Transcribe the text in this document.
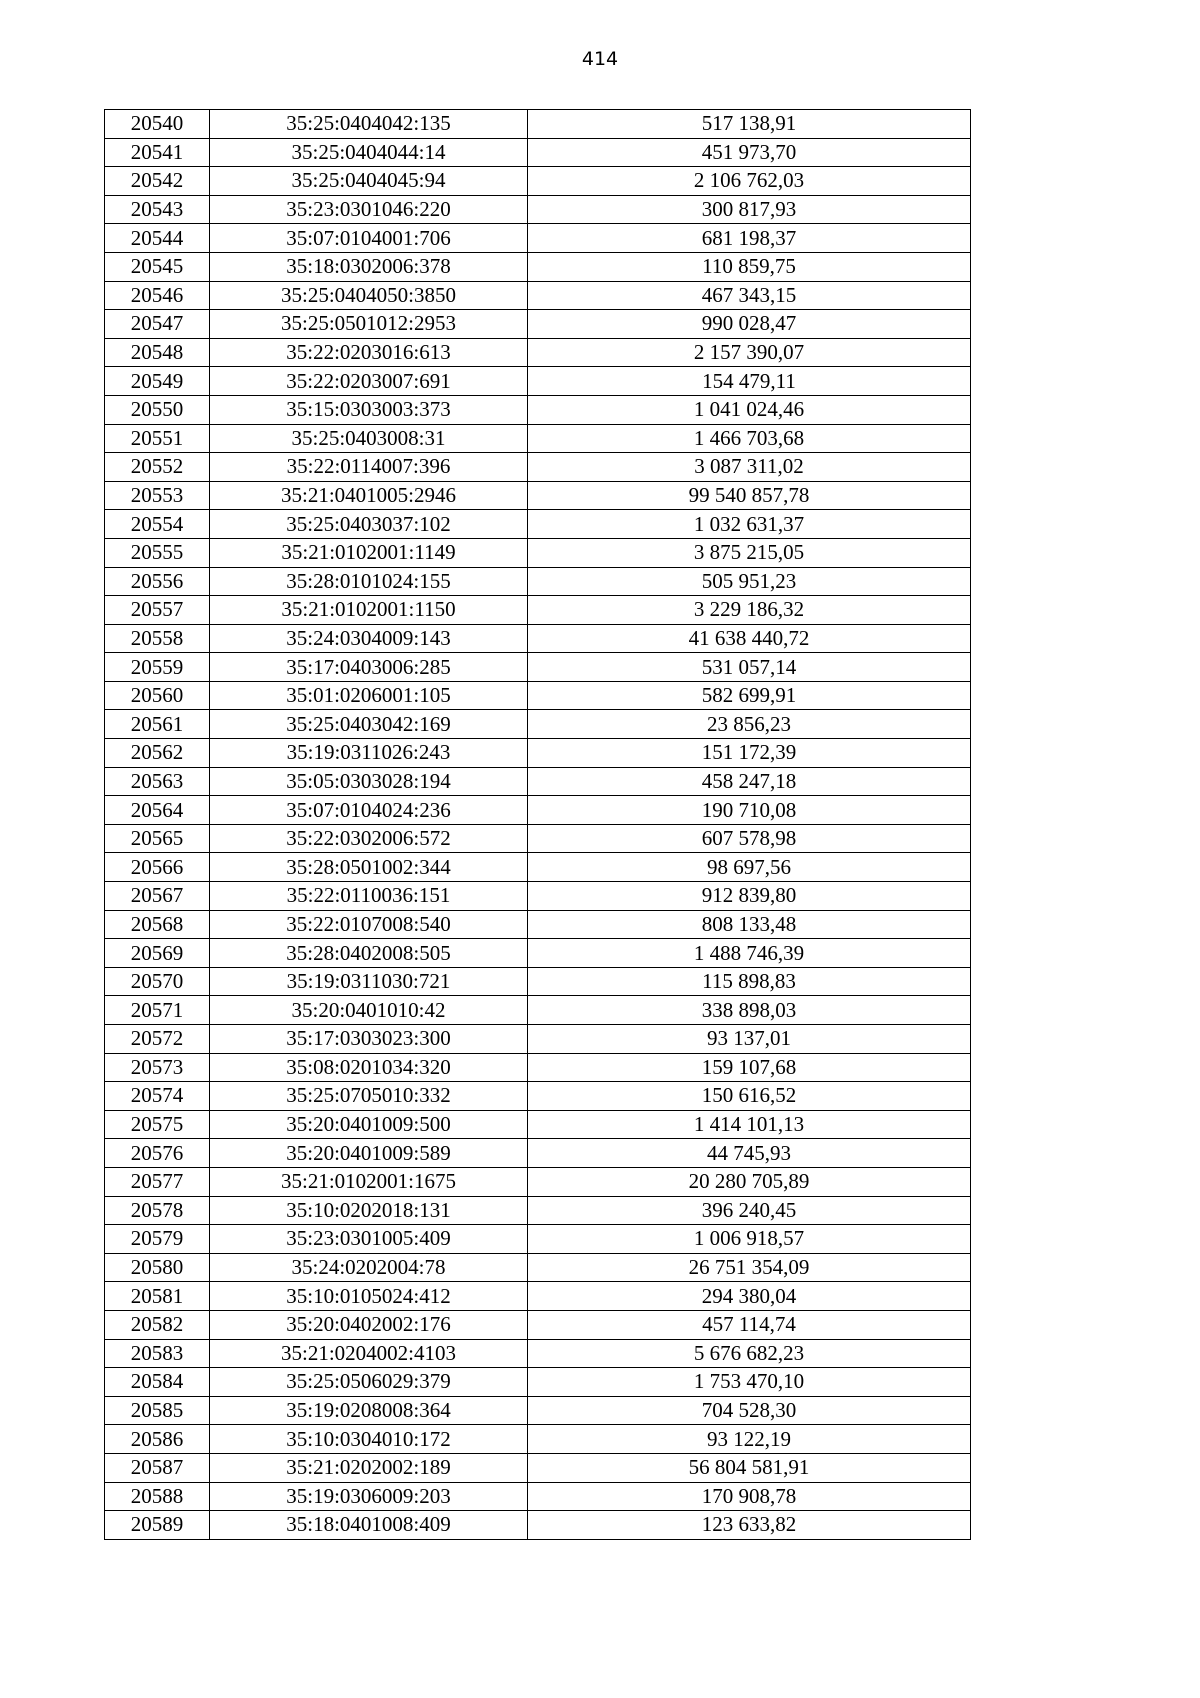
414
20540	35:25:0404042:135	517 138,91
20541	35:25:0404044:14	451 973,70
20542	35:25:0404045:94	2 106 762,03
20543	35:23:0301046:220	300 817,93
20544	35:07:0104001:706	681 198,37
20545	35:18:0302006:378	110 859,75
20546	35:25:0404050:3850	467 343,15
20547	35:25:0501012:2953	990 028,47
20548	35:22:0203016:613	2 157 390,07
20549	35:22:0203007:691	154 479,11
20550	35:15:0303003:373	1 041 024,46
20551	35:25:0403008:31	1 466 703,68
20552	35:22:0114007:396	3 087 311,02
20553	35:21:0401005:2946	99 540 857,78
20554	35:25:0403037:102	1 032 631,37
20555	35:21:0102001:1149	3 875 215,05
20556	35:28:0101024:155	505 951,23
20557	35:21:0102001:1150	3 229 186,32
20558	35:24:0304009:143	41 638 440,72
20559	35:17:0403006:285	531 057,14
20560	35:01:0206001:105	582 699,91
20561	35:25:0403042:169	23 856,23
20562	35:19:0311026:243	151 172,39
20563	35:05:0303028:194	458 247,18
20564	35:07:0104024:236	190 710,08
20565	35:22:0302006:572	607 578,98
20566	35:28:0501002:344	98 697,56
20567	35:22:0110036:151	912 839,80
20568	35:22:0107008:540	808 133,48
20569	35:28:0402008:505	1 488 746,39
20570	35:19:0311030:721	115 898,83
20571	35:20:0401010:42	338 898,03
20572	35:17:0303023:300	93 137,01
20573	35:08:0201034:320	159 107,68
20574	35:25:0705010:332	150 616,52
20575	35:20:0401009:500	1 414 101,13
20576	35:20:0401009:589	44 745,93
20577	35:21:0102001:1675	20 280 705,89
20578	35:10:0202018:131	396 240,45
20579	35:23:0301005:409	1 006 918,57
20580	35:24:0202004:78	26 751 354,09
20581	35:10:0105024:412	294 380,04
20582	35:20:0402002:176	457 114,74
20583	35:21:0204002:4103	5 676 682,23
20584	35:25:0506029:379	1 753 470,10
20585	35:19:0208008:364	704 528,30
20586	35:10:0304010:172	93 122,19
20587	35:21:0202002:189	56 804 581,91
20588	35:19:0306009:203	170 908,78
20589	35:18:0401008:409	123 633,82
